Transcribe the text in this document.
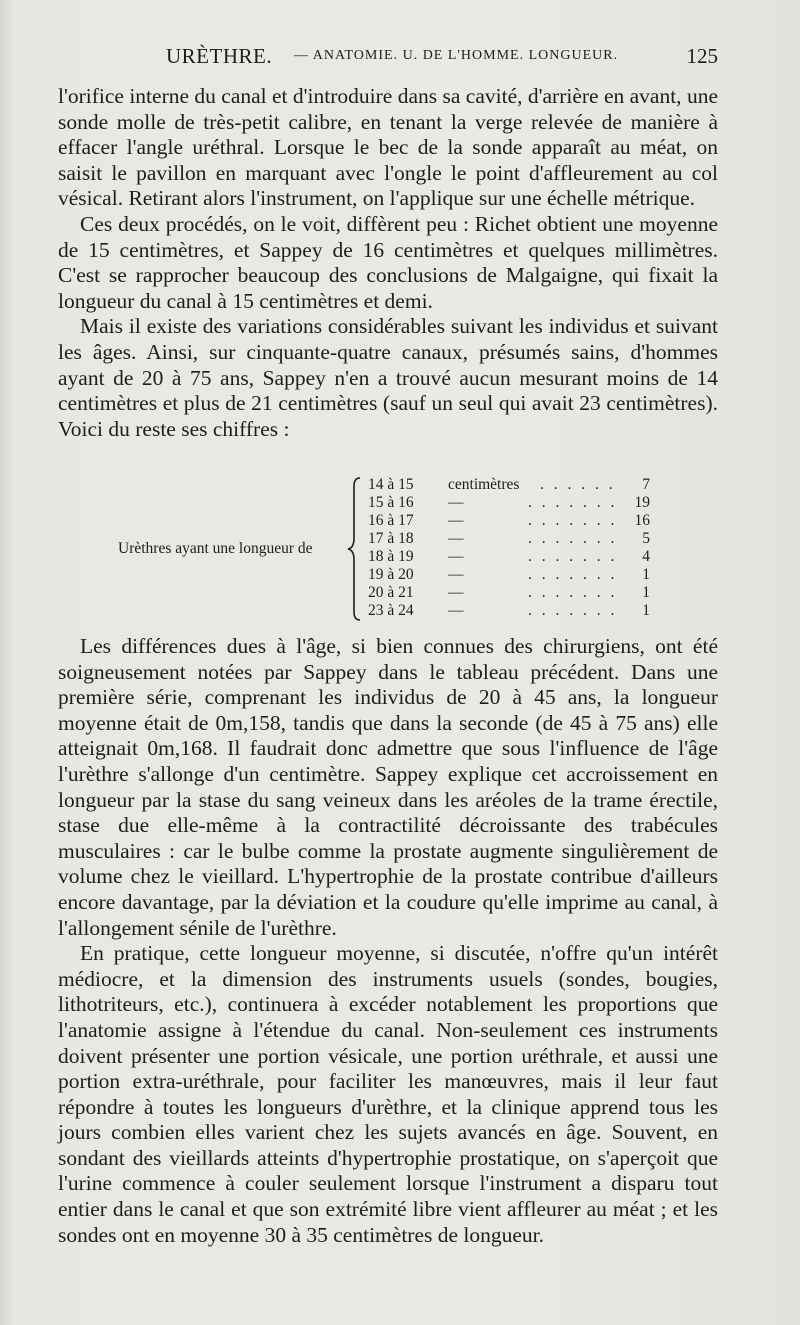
URÈTHRE. — ANATOMIE. U. DE L'HOMME. LONGUEUR.	125

l'orifice interne du canal et d'introduire dans sa cavité, d'arrière en avant, une sonde molle de très-petit calibre, en tenant la verge relevée de manière à effacer l'angle uréthral. Lorsque le bec de la sonde apparaît au méat, on saisit le pavillon en marquant avec l'ongle le point d'affleurement au col vésical. Retirant alors l'instrument, on l'applique sur une échelle métrique.

Ces deux procédés, on le voit, diffèrent peu : Richet obtient une moyenne de 15 centimètres, et Sappey de 16 centimètres et quelques millimètres. C'est se rapprocher beaucoup des conclusions de Malgaigne, qui fixait la longueur du canal à 15 centimètres et demi.

Mais il existe des variations considérables suivant les individus et suivant les âges. Ainsi, sur cinquante-quatre canaux, présumés sains, d'hommes ayant de 20 à 75 ans, Sappey n'en a trouvé aucun mesurant moins de 14 centimètres et plus de 21 centimètres (sauf un seul qui avait 23 centimètres). Voici du reste ses chiffres :

Urèthres ayant une longueur de
14 à 15 centimètres . . . . . . 7
15 à 16 —	. . . . . . . 19
16 à 17 —	. . . . . . . 16
17 à 18 —	. . . . . . . 5
18 à 19 —	. . . . . . . 4
19 à 20 —	. . . . . . . 1
20 à 21 —	. . . . . . . 1
23 à 24 —	. . . . . . . 1

Les différences dues à l'âge, si bien connues des chirurgiens, ont été soigneusement notées par Sappey dans le tableau précédent. Dans une première série, comprenant les individus de 20 à 45 ans, la longueur moyenne était de 0m,158, tandis que dans la seconde (de 45 à 75 ans) elle atteignait 0m,168. Il faudrait donc admettre que sous l'influence de l'âge l'urèthre s'allonge d'un centimètre. Sappey explique cet accroissement en longueur par la stase du sang veineux dans les aréoles de la trame érectile, stase due elle-même à la contractilité décroissante des trabécules musculaires : car le bulbe comme la prostate augmente singulièrement de volume chez le vieillard. L'hypertrophie de la prostate contribue d'ailleurs encore davantage, par la déviation et la coudure qu'elle imprime au canal, à l'allongement sénile de l'urèthre.

En pratique, cette longueur moyenne, si discutée, n'offre qu'un intérêt médiocre, et la dimension des instruments usuels (sondes, bougies, lithotriteurs, etc.), continuera à excéder notablement les proportions que l'anatomie assigne à l'étendue du canal. Non-seulement ces instruments doivent présenter une portion vésicale, une portion uréthrale, et aussi une portion extra-uréthrale, pour faciliter les manœuvres, mais il leur faut répondre à toutes les longueurs d'urèthre, et la clinique apprend tous les jours combien elles varient chez les sujets avancés en âge. Souvent, en sondant des vieillards atteints d'hypertrophie prostatique, on s'aperçoit que l'urine commence à couler seulement lorsque l'instrument a disparu tout entier dans le canal et que son extrémité libre vient affleurer au méat ; et les sondes ont en moyenne 30 à 35 centimètres de longueur.
